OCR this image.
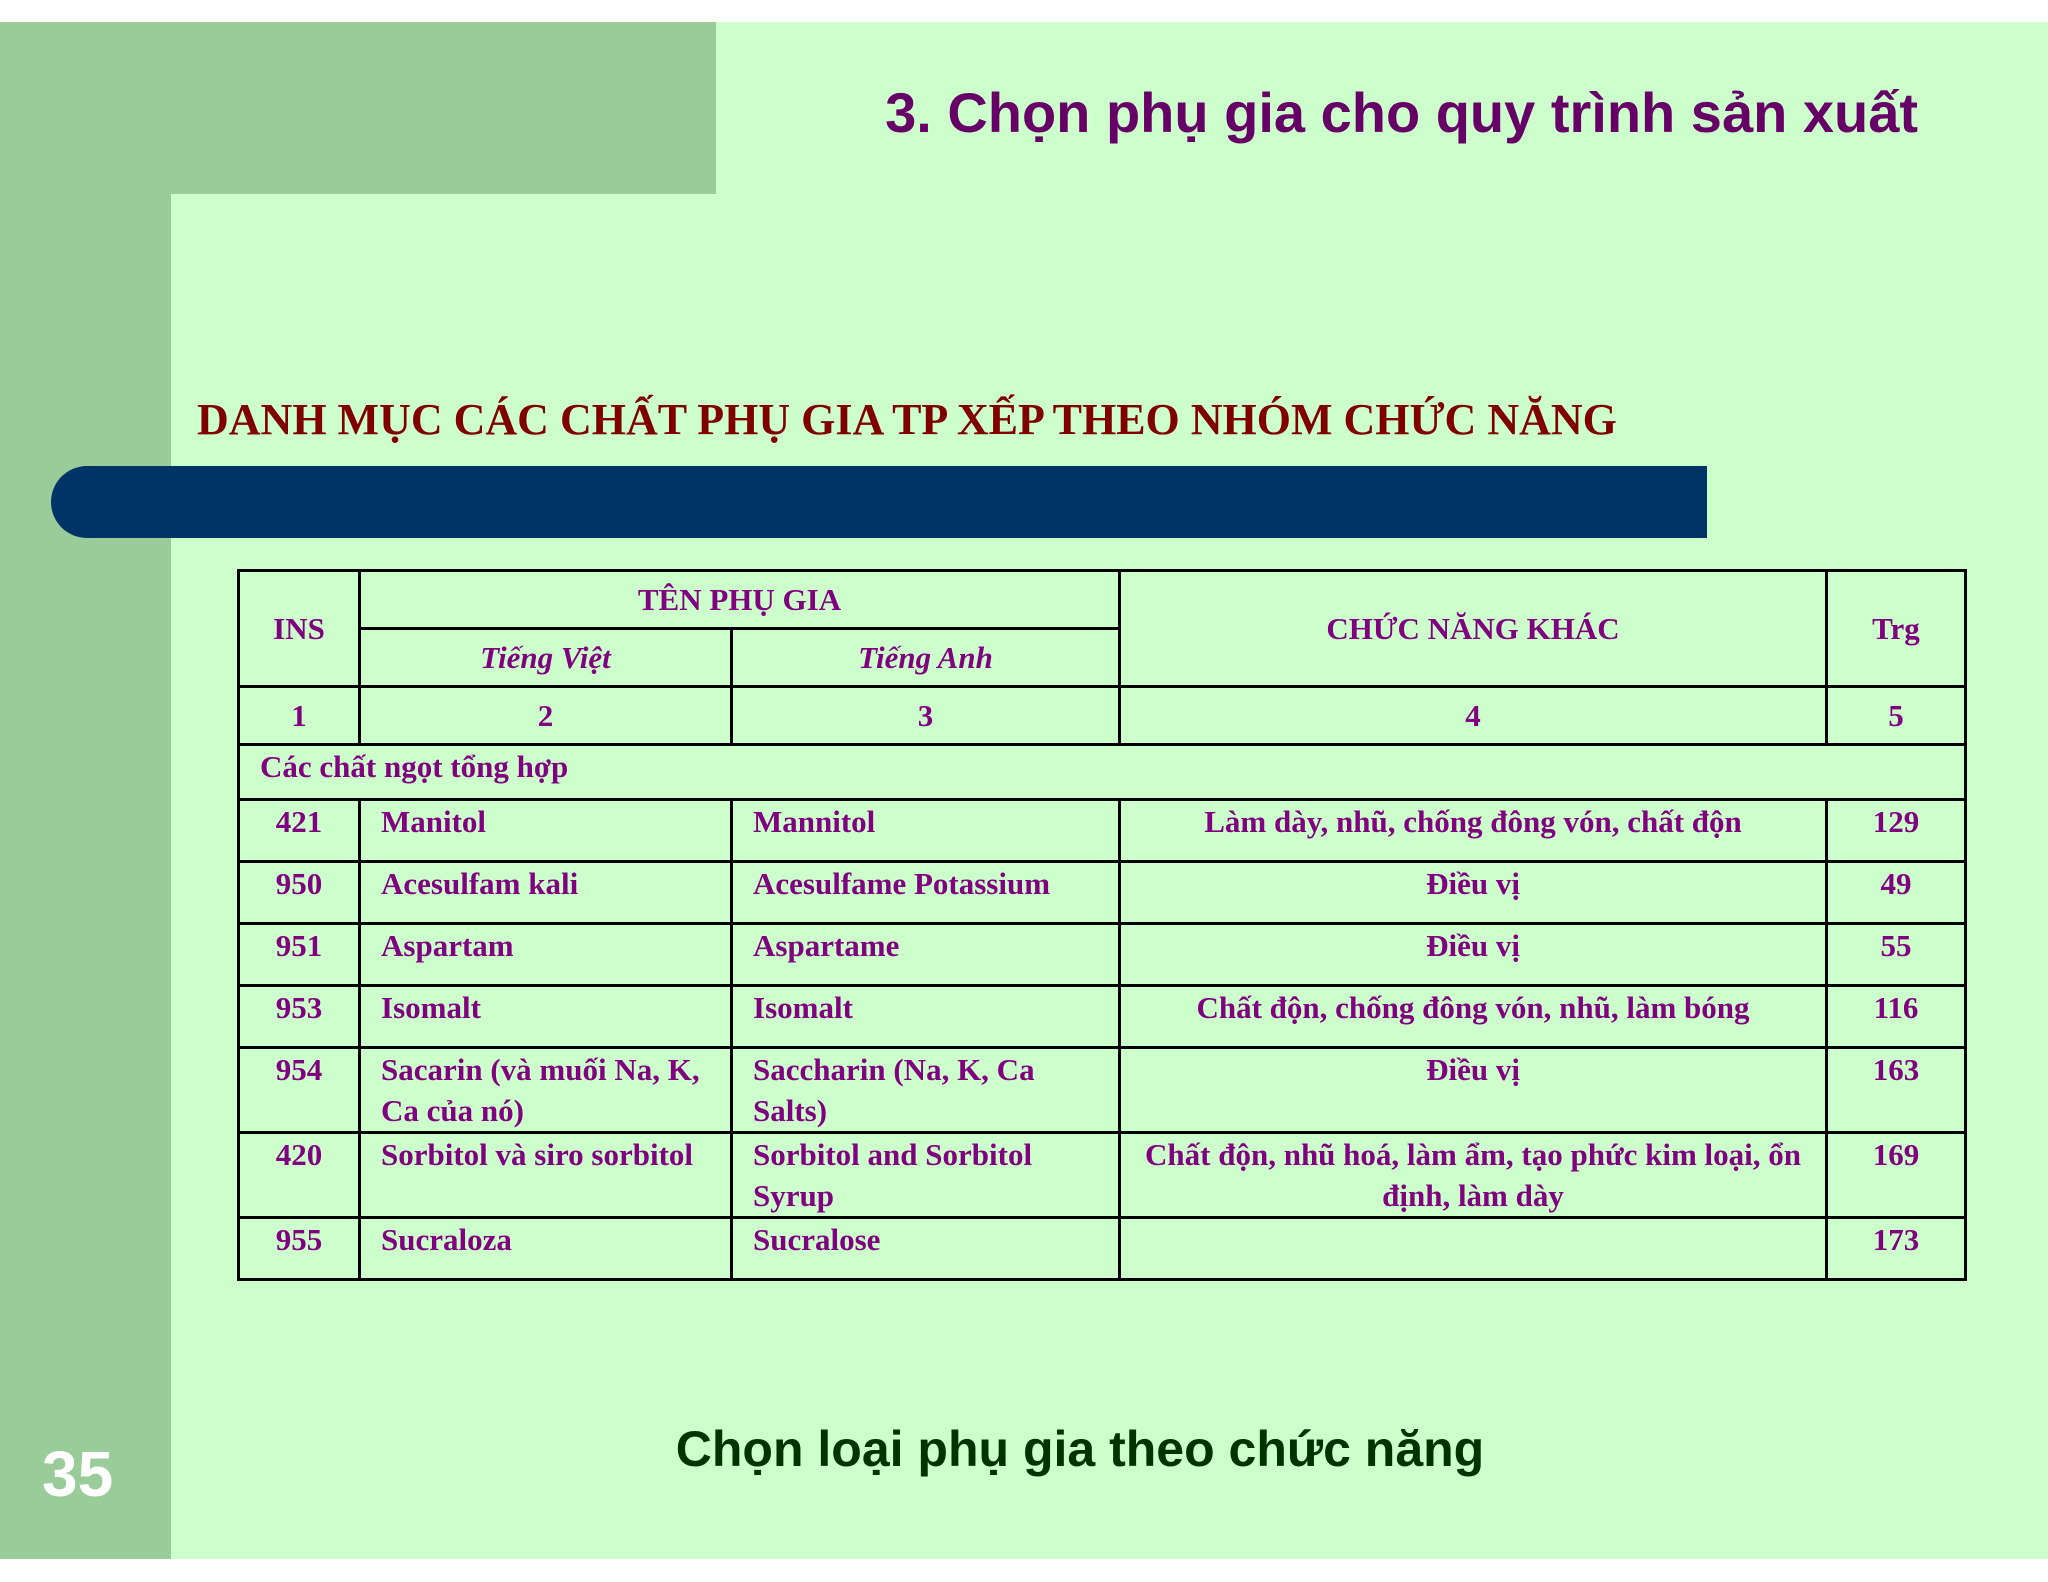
3. Chọn phụ gia cho quy trình sản xuất
DANH MỤC CÁC CHẤT PHỤ GIA TP XẾP THEO NHÓM CHỨC NĂNG
INS	TÊN PHỤ GIA		CHỨC NĂNG KHÁC	Trg
	Tiếng Việt	Tiếng Anh		
1	2	3	4	5
Các chất ngọt tổng hợp				
421	Manitol	Mannitol	Làm dày, nhũ, chống đông vón, chất độn	129
950	Acesulfam kali	Acesulfame Potassium	Điều vị	49
951	Aspartam	Aspartame	Điều vị	55
953	Isomalt	Isomalt	Chất độn, chống đông vón, nhũ, làm bóng	116
954	Sacarin (và muối Na, K, Ca của nó)	Saccharin (Na, K, Ca Salts)	Điều vị	163
420	Sorbitol và siro sorbitol	Sorbitol and Sorbitol Syrup	Chất độn, nhũ hoá, làm ẩm, tạo phức kim loại, ổn định, làm dày	169
955	Sucraloza	Sucralose		173

Chọn loại phụ gia theo chức năng

35
